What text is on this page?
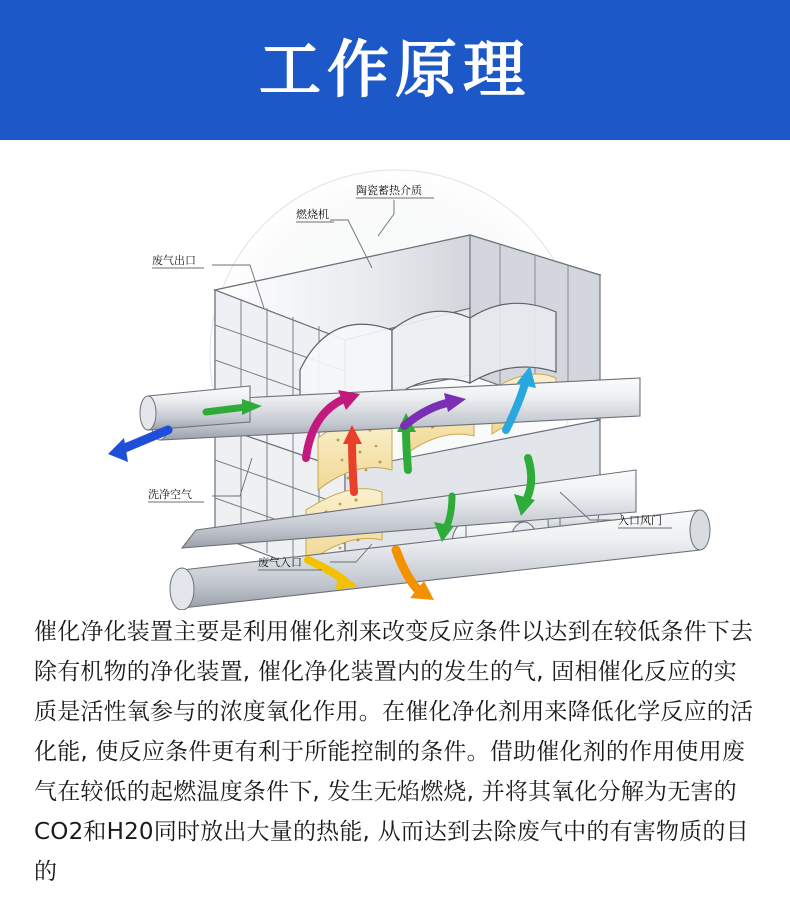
工作原理
陶瓷蓄热介质
燃烧机
废气出口
洗净空气
入口风门
废气入口
催化净化装置主要是利用催化剂来改变反应条件以达到在较低条件下去除有机物的净化装置, 催化净化装置内的发生的气, 固相催化反应的实质是活性氧参与的浓度氧化作用。在催化净化剂用来降低化学反应的活化能, 使反应条件更有利于所能控制的条件。借助催化剂的作用使用废气在较低的起燃温度条件下, 发生无焰燃烧, 并将其氧化分解为无害的CO2和H20同时放出大量的热能, 从而达到去除废气中的有害物质的目的
